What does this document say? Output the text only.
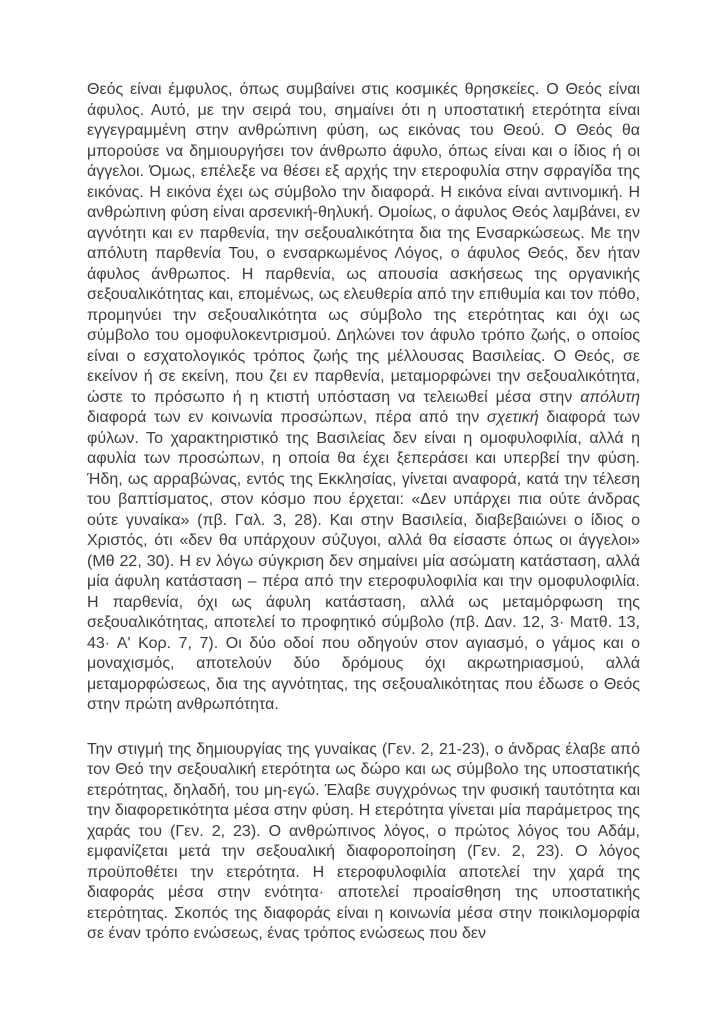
Θεός είναι έμφυλος, όπως συμβαίνει στις κοσμικές θρησκείες. Ο Θεός είναι άφυλος. Αυτό, με την σειρά του, σημαίνει ότι η υποστατική ετερότητα είναι εγγεγραμμένη στην ανθρώπινη φύση, ως εικόνας του Θεού. Ο Θεός θα μπορούσε να δημιουργήσει τον άνθρωπο άφυλο, όπως είναι και ο ίδιος ή οι άγγελοι. Όμως, επέλεξε να θέσει εξ αρχής την ετεροφυλία στην σφραγίδα της εικόνας. Η εικόνα έχει ως σύμβολο την διαφορά. Η εικόνα είναι αντινομική. Η ανθρώπινη φύση είναι αρσενική-θηλυκή. Ομοίως, ο άφυλος Θεός λαμβάνει, εν αγνότητι και εν παρθενία, την σεξουαλικότητα δια της Ενσαρκώσεως. Με την απόλυτη παρθενία Του, ο ενσαρκωμένος Λόγος, ο άφυλος Θεός, δεν ήταν άφυλος άνθρωπος. Η παρθενία, ως απουσία ασκήσεως της οργανικής σεξουαλικότητας και, επομένως, ως ελευθερία από την επιθυμία και τον πόθο, προμηνύει την σεξουαλικότητα ως σύμβολο της ετερότητας και όχι ως σύμβολο του ομοφυλοκεντρισμού. Δηλώνει τον άφυλο τρόπο ζωής, ο οποίος είναι ο εσχατολογικός τρόπος ζωής της μέλλουσας Βασιλείας. Ο Θεός, σε εκείνον ή σε εκείνη, που ζει εν παρθενία, μεταμορφώνει την σεξουαλικότητα, ώστε το πρόσωπο ή η κτιστή υπόσταση να τελειωθεί μέσα στην απόλυτη διαφορά των εν κοινωνία προσώπων, πέρα από την σχετική διαφορά των φύλων. Το χαρακτηριστικό της Βασιλείας δεν είναι η ομοφυλοφιλία, αλλά η αφυλία των προσώπων, η οποία θα έχει ξεπεράσει και υπερβεί την φύση. Ήδη, ως αρραβώνας, εντός της Εκκλησίας, γίνεται αναφορά, κατά την τέλεση του βαπτίσματος, στον κόσμο που έρχεται: «Δεν υπάρχει πια ούτε άνδρας ούτε γυναίκα» (πβ. Γαλ. 3, 28). Και στην Βασιλεία, διαβεβαιώνει ο ίδιος ο Χριστός, ότι «δεν θα υπάρχουν σύζυγοι, αλλά θα είσαστε όπως οι άγγελοι» (Μθ 22, 30). Η εν λόγω σύγκριση δεν σημαίνει μία ασώματη κατάσταση, αλλά μία άφυλη κατάσταση – πέρα από την ετεροφυλοφιλία και την ομοφυλοφιλία. Η παρθενία, όχι ως άφυλη κατάσταση, αλλά ως μεταμόρφωση της σεξουαλικότητας, αποτελεί το προφητικό σύμβολο (πβ. Δαν. 12, 3· Ματθ. 13, 43· Α' Κορ. 7, 7). Οι δύο οδοί που οδηγούν στον αγιασμό, ο γάμος και ο μοναχισμός, αποτελούν δύο δρόμους όχι ακρωτηριασμού, αλλά μεταμορφώσεως, δια της αγνότητας, της σεξουαλικότητας που έδωσε ο Θεός στην πρώτη ανθρωπότητα.

Την στιγμή της δημιουργίας της γυναίκας (Γεν. 2, 21-23), ο άνδρας έλαβε από τον Θεό την σεξουαλική ετερότητα ως δώρο και ως σύμβολο της υποστατικής ετερότητας, δηλαδή, του μη-εγώ. Έλαβε συγχρόνως την φυσική ταυτότητα και την διαφορετικότητα μέσα στην φύση. Η ετερότητα γίνεται μία παράμετρος της χαράς του (Γεν. 2, 23). Ο ανθρώπινος λόγος, ο πρώτος λόγος του Αδάμ, εμφανίζεται μετά την σεξουαλική διαφοροποίηση (Γεν. 2, 23). Ο λόγος προϋποθέτει την ετερότητα. Η ετεροφυλοφιλία αποτελεί την χαρά της διαφοράς μέσα στην ενότητα· αποτελεί προαίσθηση της υποστατικής ετερότητας. Σκοπός της διαφοράς είναι η κοινωνία μέσα στην ποικιλομορφία σε έναν τρόπο ενώσεως, ένας τρόπος ενώσεως που δεν
